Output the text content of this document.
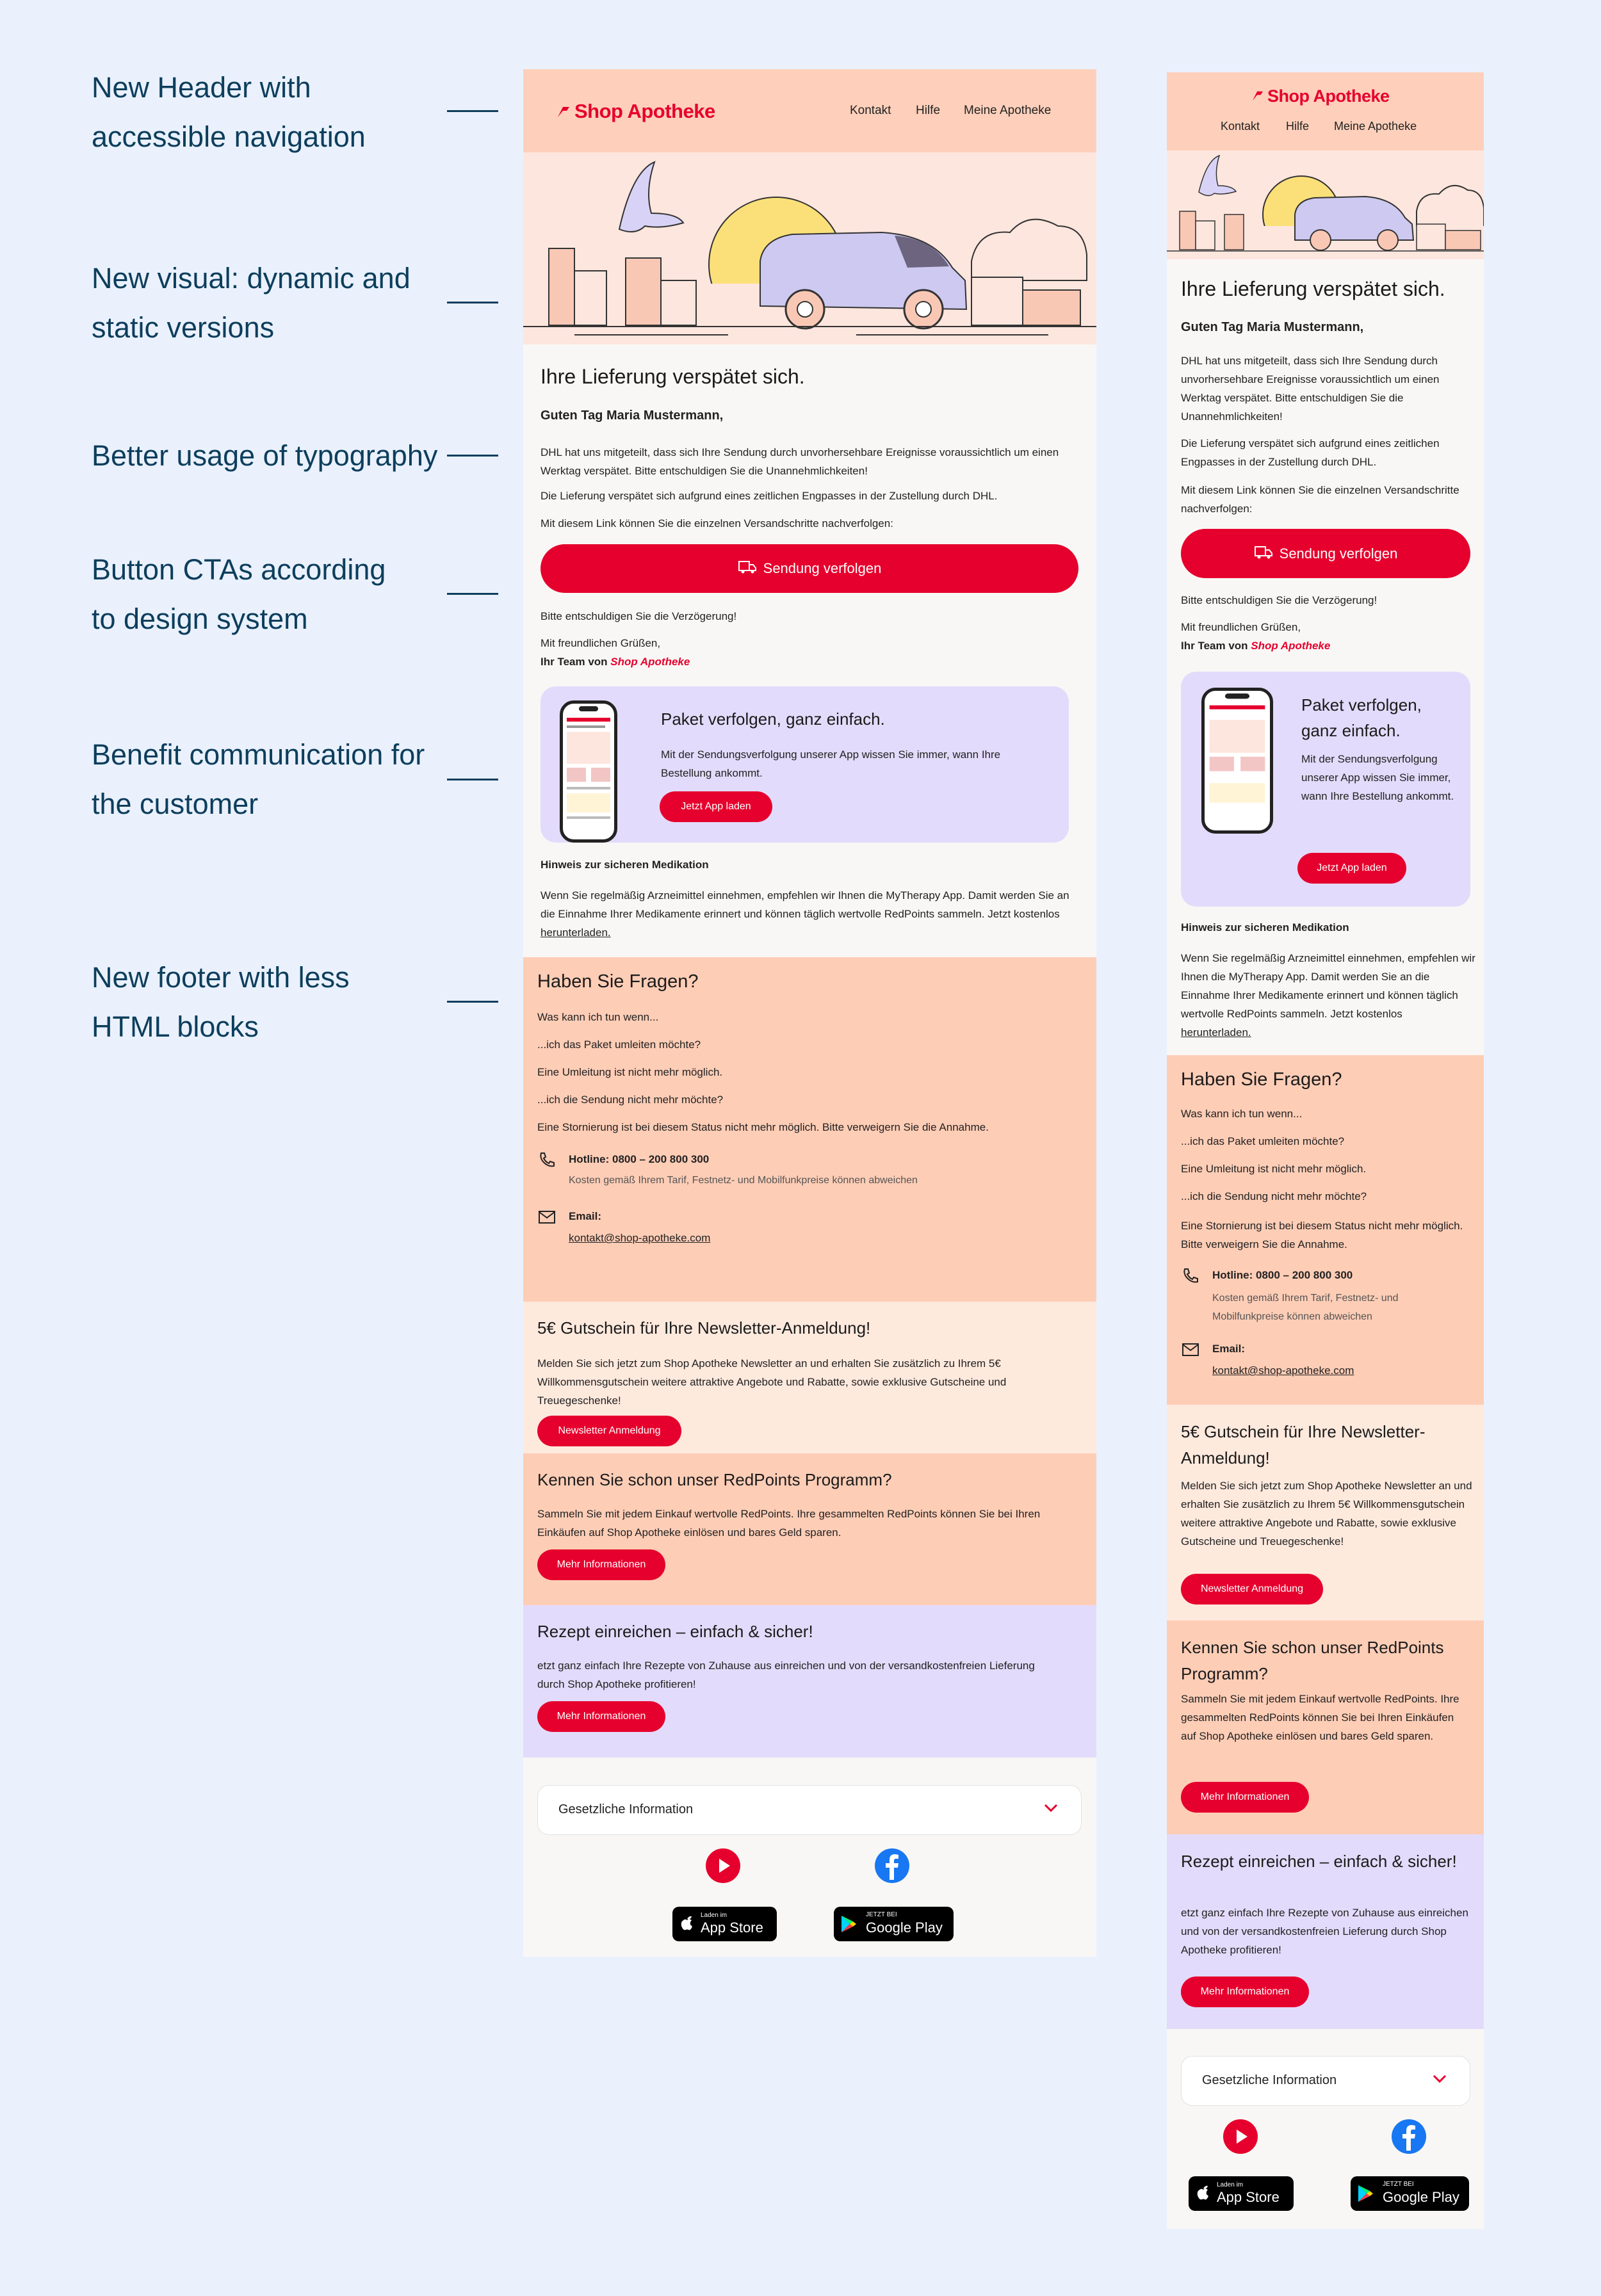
New Header with
accessible navigation
New visual: dynamic and
static versions
Better usage of typography
Button CTAs according
to design system
Benefit communication for
the customer
New footer with less
HTML blocks
Shop Apotheke	Kontakt Hilfe Meine Apotheke
Ihre Lieferung verspätet sich.
Guten Tag Maria Mustermann,
DHL hat uns mitgeteilt, dass sich Ihre Sendung durch unvorhersehbare Ereignisse voraussichtlich um einen Werktag verspätet. Bitte entschuldigen Sie die Unannehmlichkeiten!
Die Lieferung verspätet sich aufgrund eines zeitlichen Engpasses in der Zustellung durch DHL.
Mit diesem Link können Sie die einzelnen Versandschritte nachverfolgen:
Sendung verfolgen
Bitte entschuldigen Sie die Verzögerung!
Mit freundlichen Grüßen,
Ihr Team von Shop Apotheke
Paket verfolgen, ganz einfach.
Mit der Sendungsverfolgung unserer App wissen Sie immer, wann Ihre Bestellung ankommt.
Jetzt App laden
Hinweis zur sicheren Medikation
Wenn Sie regelmäßig Arzneimittel einnehmen, empfehlen wir Ihnen die MyTherapy App. Damit werden Sie an die Einnahme Ihrer Medikamente erinnert und können täglich wertvolle RedPoints sammeln. Jetzt kostenlos herunterladen.
Haben Sie Fragen?
Was kann ich tun wenn...
...ich das Paket umleiten möchte?
Eine Umleitung ist nicht mehr möglich.
...ich die Sendung nicht mehr möchte?
Eine Stornierung ist bei diesem Status nicht mehr möglich. Bitte verweigern Sie die Annahme.
Hotline: 0800 – 200 800 300
Kosten gemäß Ihrem Tarif, Festnetz- und Mobilfunkpreise können abweichen
Email:
kontakt@shop-apotheke.com
5€ Gutschein für Ihre Newsletter-Anmeldung!
Melden Sie sich jetzt zum Shop Apotheke Newsletter an und erhalten Sie zusätzlich zu Ihrem 5€ Willkommensgutschein weitere attraktive Angebote und Rabatte, sowie exklusive Gutscheine und Treuegeschenke!
Newsletter Anmeldung
Kennen Sie schon unser RedPoints Programm?
Sammeln Sie mit jedem Einkauf wertvolle RedPoints. Ihre gesammelten RedPoints können Sie bei Ihren Einkäufen auf Shop Apotheke einlösen und bares Geld sparen.
Mehr Informationen
Rezept einreichen – einfach & sicher!
etzt ganz einfach Ihre Rezepte von Zuhause aus einreichen und von der versandkostenfreien Lieferung durch Shop Apotheke profitieren!
Mehr Informationen
Gesetzliche Information
Laden im
App Store
JETZT BEI
Google Play
Shop Apotheke
Kontakt Hilfe Meine Apotheke
Ihre Lieferung verspätet sich.
Guten Tag Maria Mustermann,
DHL hat uns mitgeteilt, dass sich Ihre Sendung durch unvorhersehbare Ereignisse voraussichtlich um einen Werktag verspätet. Bitte entschuldigen Sie die Unannehmlichkeiten!
Die Lieferung verspätet sich aufgrund eines zeitlichen Engpasses in der Zustellung durch DHL.
Mit diesem Link können Sie die einzelnen Versandschritte nachverfolgen:
Sendung verfolgen
Bitte entschuldigen Sie die Verzögerung!
Mit freundlichen Grüßen,
Ihr Team von Shop Apotheke
Paket verfolgen, ganz einfach.
Mit der Sendungsverfolgung unserer App wissen Sie immer, wann Ihre Bestellung ankommt.
Jetzt App laden
Hinweis zur sicheren Medikation
Wenn Sie regelmäßig Arzneimittel einnehmen, empfehlen wir Ihnen die MyTherapy App. Damit werden Sie an die Einnahme Ihrer Medikamente erinnert und können täglich wertvolle RedPoints sammeln. Jetzt kostenlos herunterladen.
Haben Sie Fragen?
Was kann ich tun wenn...
...ich das Paket umleiten möchte?
Eine Umleitung ist nicht mehr möglich.
...ich die Sendung nicht mehr möchte?
Eine Stornierung ist bei diesem Status nicht mehr möglich. Bitte verweigern Sie die Annahme.
Hotline: 0800 – 200 800 300
Kosten gemäß Ihrem Tarif, Festnetz- und Mobilfunkpreise können abweichen
Email:
kontakt@shop-apotheke.com
5€ Gutschein für Ihre Newsletter-Anmeldung!
Melden Sie sich jetzt zum Shop Apotheke Newsletter an und erhalten Sie zusätzlich zu Ihrem 5€ Willkommensgutschein weitere attraktive Angebote und Rabatte, sowie exklusive Gutscheine und Treuegeschenke!
Newsletter Anmeldung
Kennen Sie schon unser RedPoints Programm?
Sammeln Sie mit jedem Einkauf wertvolle RedPoints. Ihre gesammelten RedPoints können Sie bei Ihren Einkäufen auf Shop Apotheke einlösen und bares Geld sparen.
Mehr Informationen
Rezept einreichen – einfach & sicher!
etzt ganz einfach Ihre Rezepte von Zuhause aus einreichen und von der versandkostenfreien Lieferung durch Shop Apotheke profitieren!
Mehr Informationen
Gesetzliche Information
Laden im
App Store
JETZT BEI
Google Play
